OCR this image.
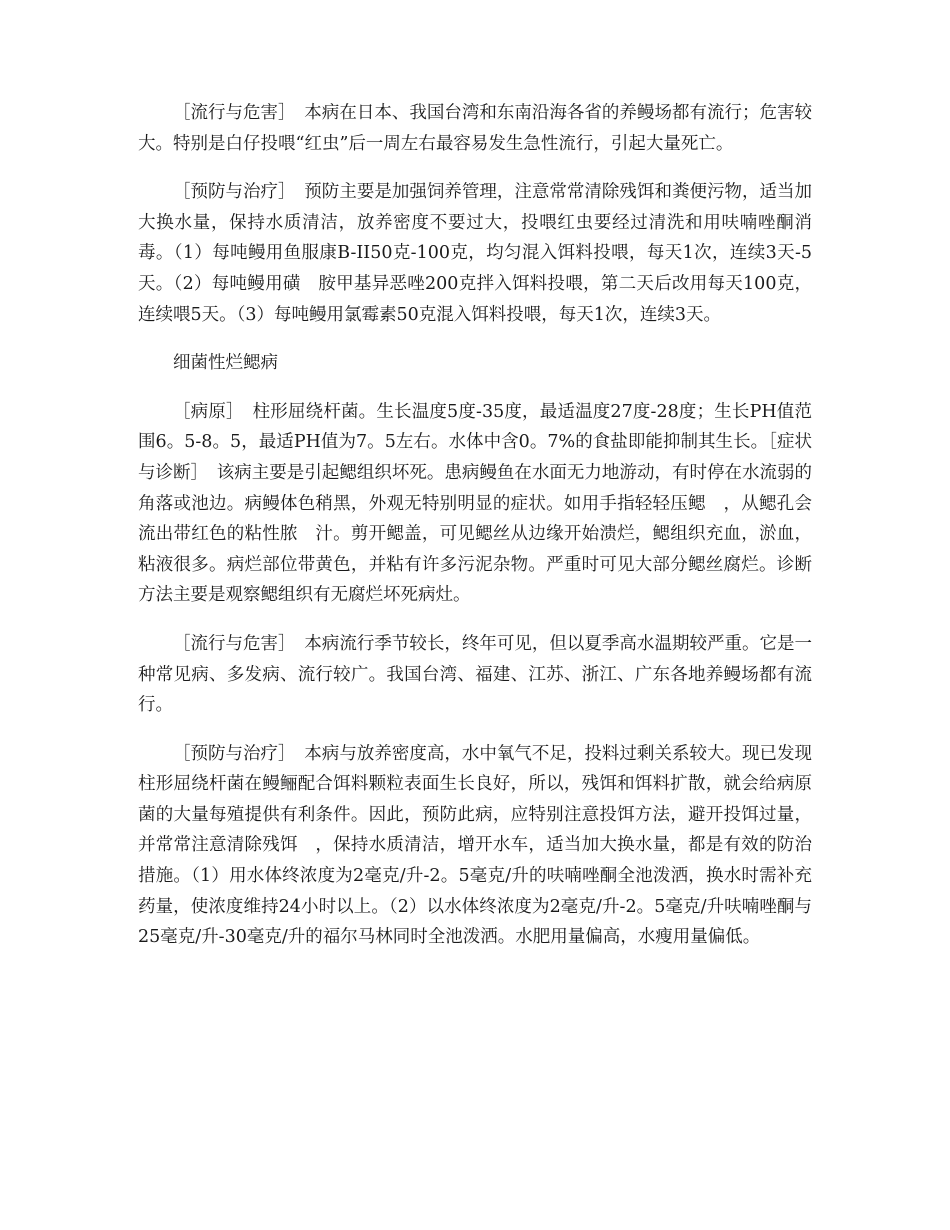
［流行与危害］　本病在日本、我国台湾和东南沿海各省的养鳗场都有流行；危害较大。特别是白仔投喂“红虫”后一周左右最容易发生急性流行，引起大量死亡。

［预防与治疗］　预防主要是加强饲养管理，注意常常清除残饵和粪便污物，适当加大换水量，保持水质清洁，放养密度不要过大，投喂红虫要经过清洗和用呋喃唑酮消毒。（1）每吨鳗用鱼服康B-II50克-100克，均匀混入饵料投喂，每天1次，连续3天-5天。（2）每吨鳗用磺　胺甲基异恶唑200克拌入饵料投喂，第二天后改用每天100克，连续喂5天。（3）每吨鳗用氯霉素50克混入饵料投喂，每天1次，连续3天。

细菌性烂鳃病

［病原］　柱形屈绕杆菌。生长温度5度-35度，最适温度27度-28度；生长PH值范围6。5-8。5，最适PH值为7。5左右。水体中含0。7%的食盐即能抑制其生长。［症状与诊断］　该病主要是引起鳃组织坏死。患病鳗鱼在水面无力地游动，有时停在水流弱的角落或池边。病鳗体色稍黑，外观无特别明显的症状。如用手指轻轻压鳃　，从鳃孔会流出带红色的粘性脓　汁。剪开鳃盖，可见鳃丝从边缘开始溃烂，鳃组织充血，淤血，粘液很多。病烂部位带黄色，并粘有许多污泥杂物。严重时可见大部分鳃丝腐烂。诊断方法主要是观察鳃组织有无腐烂坏死病灶。

［流行与危害］　本病流行季节较长，终年可见，但以夏季高水温期较严重。它是一种常见病、多发病、流行较广。我国台湾、福建、江苏、浙江、广东各地养鳗场都有流行。

［预防与治疗］　本病与放养密度高，水中氧气不足，投料过剩关系较大。现已发现柱形屈绕杆菌在鳗鲡配合饵料颗粒表面生长良好，所以，残饵和饵料扩散，就会给病原菌的大量每殖提供有利条件。因此，预防此病，应特别注意投饵方法，避开投饵过量，并常常注意清除残饵　，保持水质清洁，增开水车，适当加大换水量，都是有效的防治措施。（1）用水体终浓度为2毫克/升-2。5毫克/升的呋喃唑酮全池泼洒，换水时需补充药量，使浓度维持24小时以上。（2）以水体终浓度为2毫克/升-2。5毫克/升呋喃唑酮与25毫克/升-30毫克/升的福尔马林同时全池泼洒。水肥用量偏高，水瘦用量偏低。
